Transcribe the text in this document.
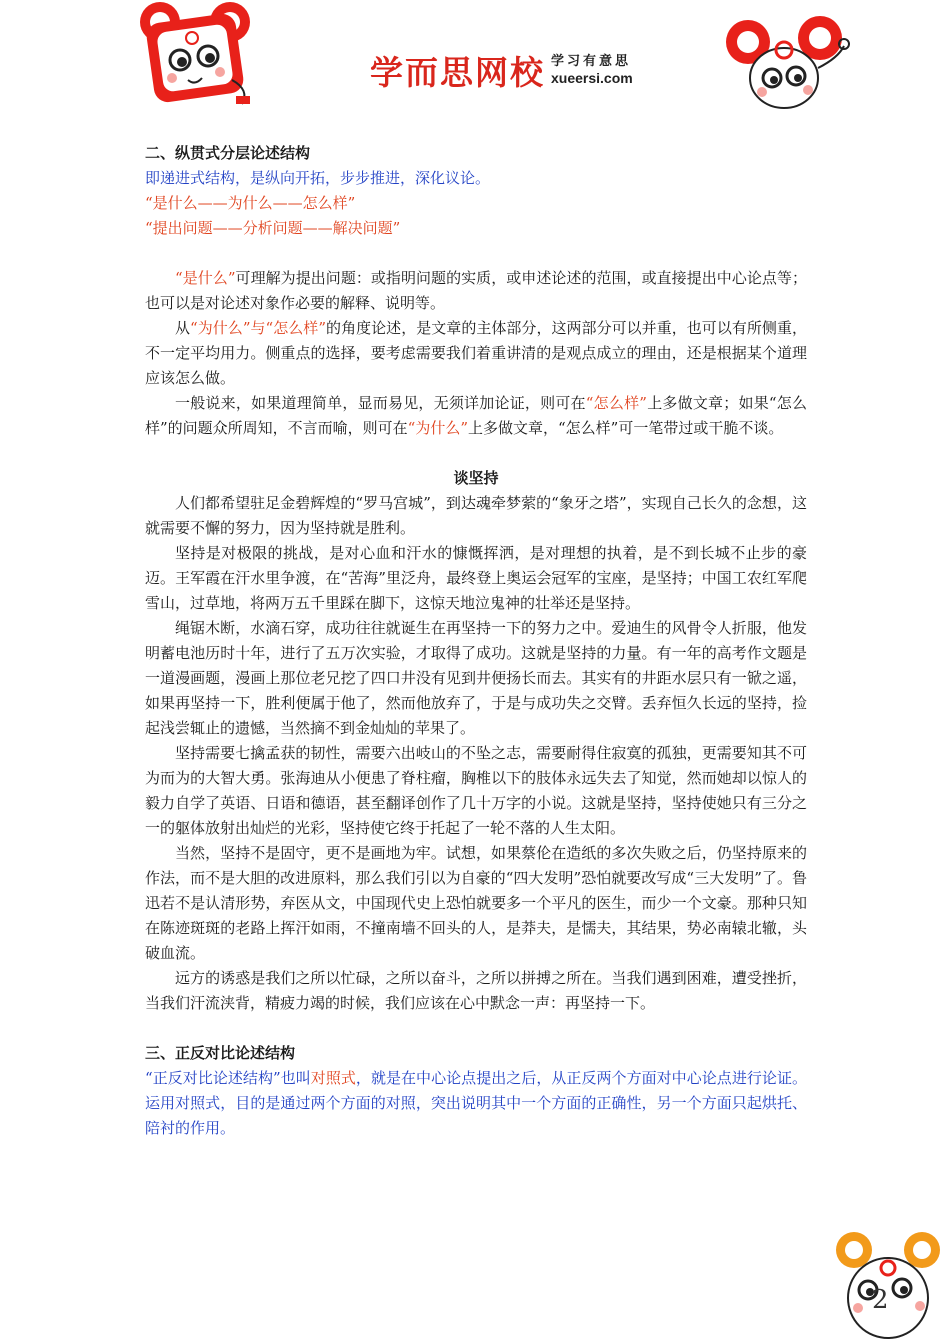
学而思网校 学习有意思
xueersi.com
二、纵贯式分层论述结构
即递进式结构，是纵向开拓，步步推进，深化议论。
“是什么——为什么——怎么样”
“提出问题——分析问题——解决问题”

“是什么”可理解为提出问题：或指明问题的实质，或申述论述的范围，或直接提出中心论点等；也可以是对论述对象作必要的解释、说明等。

从“为什么”与“怎么样”的角度论述，是文章的主体部分，这两部分可以并重，也可以有所侧重，不一定平均用力。侧重点的选择，要考虑需要我们着重讲清的是观点成立的理由，还是根据某个道理应该怎么做。

一般说来，如果道理简单，显而易见，无须详加论证，则可在“怎么样”上多做文章；如果“怎么样”的问题众所周知，不言而喻，则可在“为什么”上多做文章，“怎么样”可一笔带过或干脆不谈。

谈坚持

人们都希望驻足金碧辉煌的“罗马宫城”，到达魂牵梦萦的“象牙之塔”，实现自己长久的念想，这就需要不懈的努力，因为坚持就是胜利。

坚持是对极限的挑战，是对心血和汗水的慷慨挥洒，是对理想的执着，是不到长城不止步的豪迈。王军霞在汗水里争渡，在“苦海”里泛舟，最终登上奥运会冠军的宝座，是坚持；中国工农红军爬雪山，过草地，将两万五千里踩在脚下，这惊天地泣鬼神的壮举还是坚持。

绳锯木断，水滴石穿，成功往往就诞生在再坚持一下的努力之中。爱迪生的风骨令人折服，他发明蓄电池历时十年，进行了五万次实验，才取得了成功。这就是坚持的力量。有一年的高考作文题是一道漫画题，漫画上那位老兄挖了四口井没有见到井便扬长而去。其实有的井距水层只有一锨之遥，如果再坚持一下，胜利便属于他了，然而他放弃了，于是与成功失之交臂。丢弃恒久长远的坚持，捡起浅尝辄止的遗憾，当然摘不到金灿灿的苹果了。

坚持需要七擒孟获的韧性，需要六出岐山的不坠之志，需要耐得住寂寞的孤独，更需要知其不可为而为的大智大勇。张海迪从小便患了脊柱瘤，胸椎以下的肢体永远失去了知觉，然而她却以惊人的毅力自学了英语、日语和德语，甚至翻译创作了几十万字的小说。这就是坚持，坚持使她只有三分之一的躯体放射出灿烂的光彩，坚持使它终于托起了一轮不落的人生太阳。

当然，坚持不是固守，更不是画地为牢。试想，如果蔡伦在造纸的多次失败之后，仍坚持原来的作法，而不是大胆的改进原料，那么我们引以为自豪的“四大发明”恐怕就要改写成“三大发明”了。鲁迅若不是认清形势，弃医从文，中国现代史上恐怕就要多一个平凡的医生，而少一个文豪。那种只知在陈迹斑斑的老路上挥汗如雨，不撞南墙不回头的人，是莽夫，是懦夫，其结果，势必南辕北辙，头破血流。

远方的诱惑是我们之所以忙碌，之所以奋斗，之所以拼搏之所在。当我们遇到困难，遭受挫折，当我们汗流浃背，精疲力竭的时候，我们应该在心中默念一声：再坚持一下。

三、正反对比论述结构
“正反对比论述结构”也叫对照式，就是在中心论点提出之后，从正反两个方面对中心论点进行论证。运用对照式，目的是通过两个方面的对照，突出说明其中一个方面的正确性，另一个方面只起烘托、陪衬的作用。
2
